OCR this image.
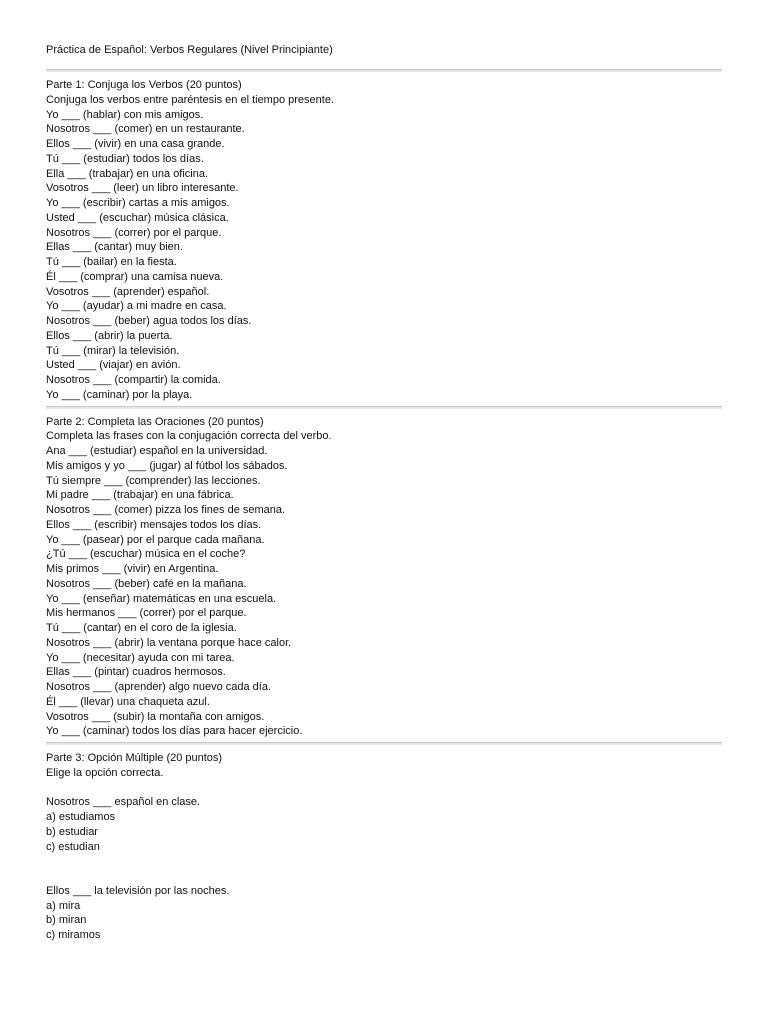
Práctica de Español: Verbos Regulares (Nivel Principiante)
Parte 1: Conjuga los Verbos (20 puntos)
Conjuga los verbos entre paréntesis en el tiempo presente.
Yo ___ (hablar) con mis amigos.
Nosotros ___ (comer) en un restaurante.
Ellos ___ (vivir) en una casa grande.
Tú ___ (estudiar) todos los días.
Ella ___ (trabajar) en una oficina.
Vosotros ___ (leer) un libro interesante.
Yo ___ (escribir) cartas a mis amigos.
Usted ___ (escuchar) música clásica.
Nosotros ___ (correr) por el parque.
Ellas ___ (cantar) muy bien.
Tú ___ (bailar) en la fiesta.
Él ___ (comprar) una camisa nueva.
Vosotros ___ (aprender) español.
Yo ___ (ayudar) a mi madre en casa.
Nosotros ___ (beber) agua todos los días.
Ellos ___ (abrir) la puerta.
Tú ___ (mirar) la televisión.
Usted ___ (viajar) en avión.
Nosotros ___ (compartir) la comida.
Yo ___ (caminar) por la playa.
Parte 2: Completa las Oraciones (20 puntos)
Completa las frases con la conjugación correcta del verbo.
Ana ___ (estudiar) español en la universidad.
Mis amigos y yo ___ (jugar) al fútbol los sábados.
Tú siempre ___ (comprender) las lecciones.
Mi padre ___ (trabajar) en una fábrica.
Nosotros ___ (comer) pizza los fines de semana.
Ellos ___ (escribir) mensajes todos los días.
Yo ___ (pasear) por el parque cada mañana.
¿Tú ___ (escuchar) música en el coche?
Mis primos ___ (vivir) en Argentina.
Nosotros ___ (beber) café en la mañana.
Yo ___ (enseñar) matemáticas en una escuela.
Mis hermanos ___ (correr) por el parque.
Tú ___ (cantar) en el coro de la iglesia.
Nosotros ___ (abrir) la ventana porque hace calor.
Yo ___ (necesitar) ayuda con mi tarea.
Ellas ___ (pintar) cuadros hermosos.
Nosotros ___ (aprender) algo nuevo cada día.
Él ___ (llevar) una chaqueta azul.
Vosotros ___ (subir) la montaña con amigos.
Yo ___ (caminar) todos los días para hacer ejercicio.
Parte 3: Opción Múltiple (20 puntos)
Elige la opción correcta.
Nosotros ___ español en clase.
a) estudiamos
b) estudiar
c) estudian
Ellos ___ la televisión por las noches.
a) mira
b) miran
c) miramos
